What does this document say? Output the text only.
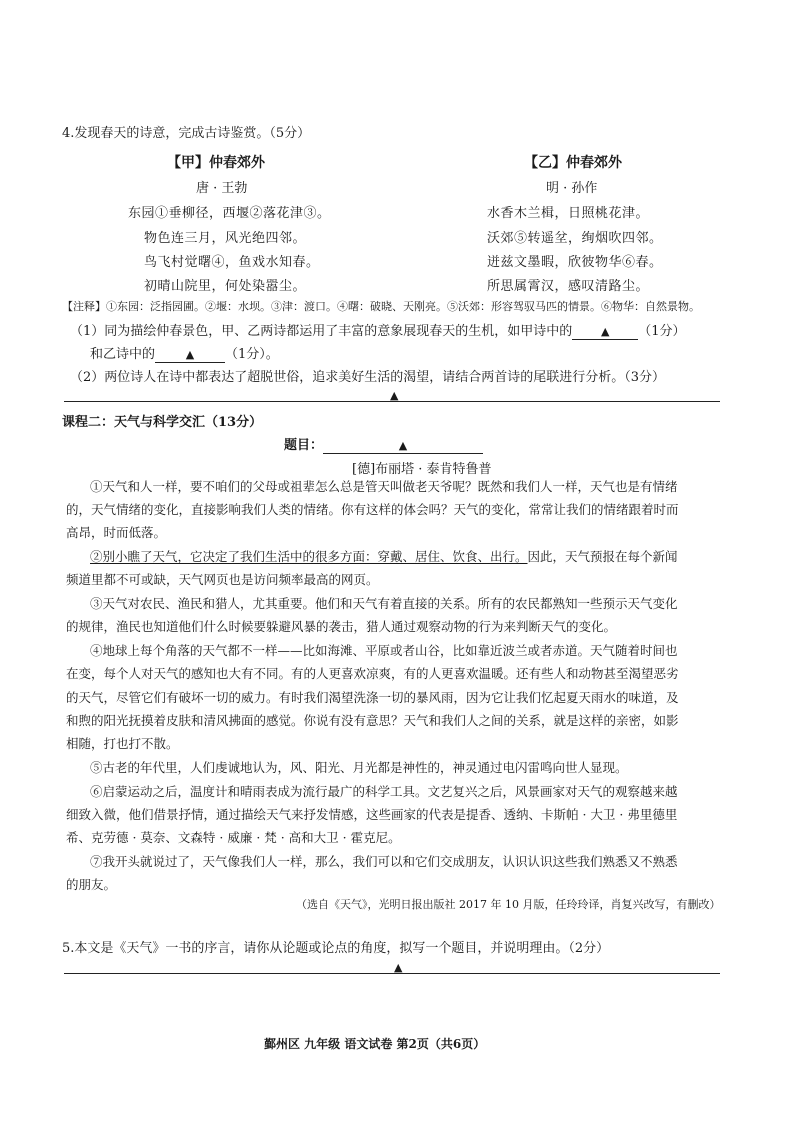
4.发现春天的诗意，完成古诗鉴赏。（5分）
【甲】仲春郊外
唐 · 王勃
东园①垂柳径，西堰②落花津③。
物色连三月，风光绝四邻。
鸟飞村觉曙④，鱼戏水知春。
初晴山院里，何处染嚣尘。
【乙】仲春郊外
明 · 孙作
水香木兰楫，日照桃花津。
沃郊⑤转遥坌，绚烟吹四邻。
迸兹文墨暇，欣彼物华⑥春。
所思属霄汉，感叹清路尘。
【注释】①东园：泛指园圃。②堰：水坝。③津：渡口。④曙：破晓、天刚亮。⑤沃郊：形容驾驭马匹的情景。⑥物华：自然景物。
（1）同为描绘仲春景色，甲、乙两诗都运用了丰富的意象展现春天的生机，如甲诗中的	▲ （1分）
和乙诗中的	▲ （1分）。
（2）两位诗人在诗中都表达了超脱世俗，追求美好生活的渴望，请结合两首诗的尾联进行分析。（3分）
▲
课程二：天气与科学交汇（13分）
题目：	▲
[德]布丽塔 · 泰肯特鲁普
①天气和人一样，要不咱们的父母或祖辈怎么总是管天叫做老天爷呢？既然和我们人一样，天气也是有情绪
的，天气情绪的变化，直接影响我们人类的情绪。你有这样的体会吗？天气的变化，常常让我们的情绪跟着时而
高昂，时而低落。
②别小瞧了天气，它决定了我们生活中的很多方面：穿戴、居住、饮食、出行。因此，天气预报在每个新闻
频道里都不可或缺，天气网页也是访问频率最高的网页。
③天气对农民、渔民和猎人，尤其重要。他们和天气有着直接的关系。所有的农民都熟知一些预示天气变化
的规律，渔民也知道他们什么时候要躲避风暴的袭击，猎人通过观察动物的行为来判断天气的变化。
④地球上每个角落的天气都不一样——比如海滩、平原或者山谷，比如靠近波兰或者赤道。天气随着时间也
在变，每个人对天气的感知也大有不同。有的人更喜欢凉爽，有的人更喜欢温暖。还有些人和动物甚至渴望恶劣
的天气，尽管它们有破坏一切的威力。有时我们渴望洗涤一切的暴风雨，因为它让我们忆起夏天雨水的味道，及
和煦的阳光抚摸着皮肤和清风拂面的感觉。你说有没有意思？天气和我们人之间的关系，就是这样的亲密，如影
相随，打也打不散。
⑤古老的年代里，人们虔诚地认为，风、阳光、月光都是神性的，神灵通过电闪雷鸣向世人显现。
⑥启蒙运动之后，温度计和晴雨表成为流行最广的科学工具。文艺复兴之后，风景画家对天气的观察越来越
细致入微，他们借景抒情，通过描绘天气来抒发情感，这些画家的代表是提香、透纳、卡斯帕 · 大卫 · 弗里德里
希、克劳德 · 莫奈、文森特 · 威廉 · 梵 · 高和大卫 · 霍克尼。
⑦我开头就说过了，天气像我们人一样，那么，我们可以和它们交成朋友，认识认识这些我们熟悉又不熟悉
的朋友。
（选自《天气》，光明日报出版社 2017 年 10 月版，任玲玲译，肖复兴改写，有删改）
5.本文是《天气》一书的序言，请你从论题或论点的角度，拟写一个题目，并说明理由。（2分）
▲
鄞州区 九年级 语文试卷 第2页（共6页）
